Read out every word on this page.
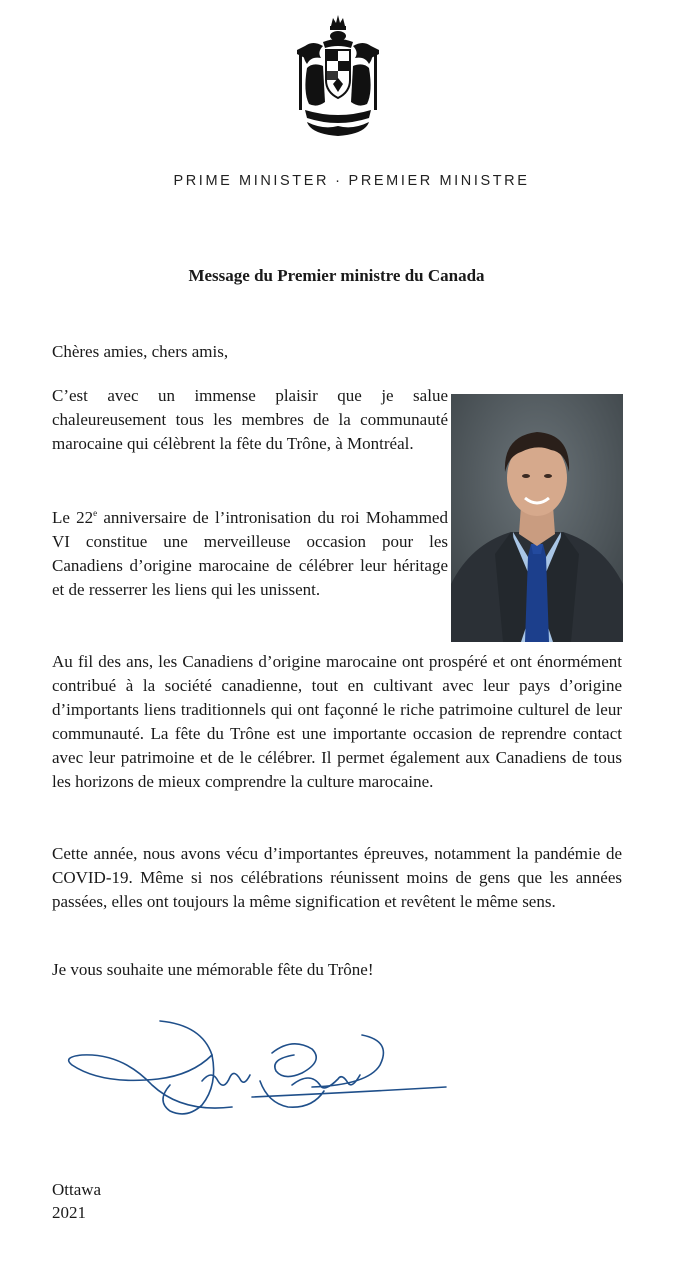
PRIME MINISTER · PREMIER MINISTRE
Message du Premier ministre du Canada

Chères amies, chers amis,

C’est avec un immense plaisir que je salue chaleureusement tous les membres de la communauté marocaine qui célèbrent la fête du Trône, à Montréal.

Le 22e anniversaire de l’intronisation du roi Mohammed VI constitue une merveilleuse occasion pour les Canadiens d’origine marocaine de célébrer leur héritage et de resserrer les liens qui les unissent.

Au fil des ans, les Canadiens d’origine marocaine ont prospéré et ont énormément contribué à la société canadienne, tout en cultivant avec leur pays d’origine d’importants liens traditionnels qui ont façonné le riche patrimoine culturel de leur communauté. La fête du Trône est une importante occasion de reprendre contact avec leur patrimoine et de le célébrer. Il permet également aux Canadiens de tous les horizons de mieux comprendre la culture marocaine.

Cette année, nous avons vécu d’importantes épreuves, notamment la pandémie de COVID-19. Même si nos célébrations réunissent moins de gens que les années passées, elles ont toujours la même signification et revêtent le même sens.

Je vous souhaite une mémorable fête du Trône!

Ottawa
2021
